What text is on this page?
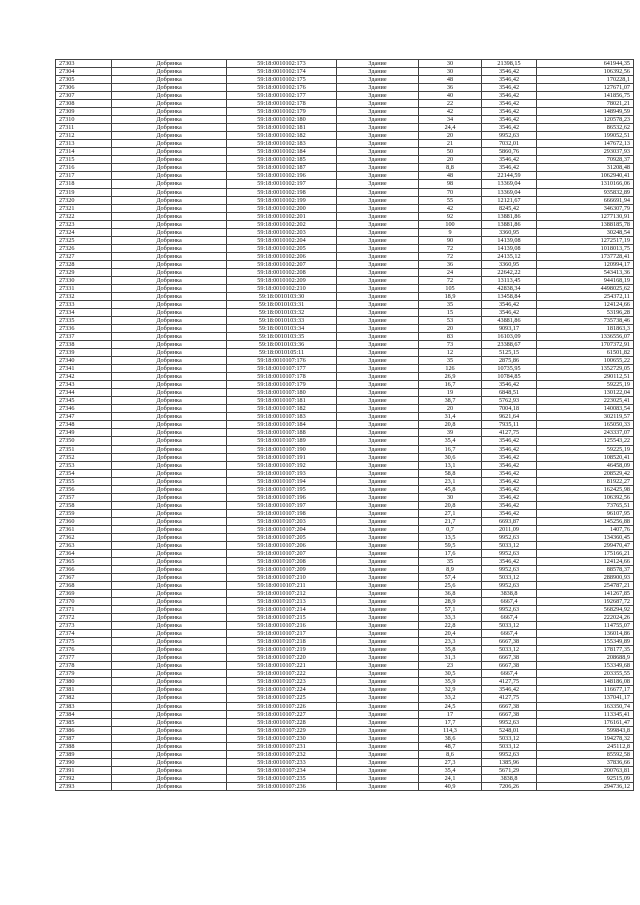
27303	Добрянка	59:18:0010102:173	Здание	30	21398,15	641944,35
27304	Добрянка	59:18:0010102:174	Здание	30	3546,42	106392,56
27305	Добрянка	59:18:0010102:175	Здание	48	3546,42	170228,1
27306	Добрянка	59:18:0010102:176	Здание	36	3546,42	127671,07
27307	Добрянка	59:18:0010102:177	Здание	40	3546,42	141856,75
27308	Добрянка	59:18:0010102:178	Здание	22	3546,42	78021,21
27309	Добрянка	59:18:0010102:179	Здание	42	3546,42	148949,59
27310	Добрянка	59:18:0010102:180	Здание	34	3546,42	120578,23
27311	Добрянка	59:18:0010102:181	Здание	24,4	3546,42	86532,62
27312	Добрянка	59:18:0010102:182	Здание	20	9952,63	199052,51
27313	Добрянка	59:18:0010102:183	Здание	21	7032,01	147672,13
27314	Добрянка	59:18:0010102:184	Здание	50	5860,76	293037,93
27315	Добрянка	59:18:0010102:185	Здание	20	3546,42	70928,37
27316	Добрянка	59:18:0010102:187	Здание	8,8	3546,42	31208,48
27317	Добрянка	59:18:0010102:196	Здание	48	22144,59	1062940,41
27318	Добрянка	59:18:0010102:197	Здание	98	13369,04	1310166,06
27319	Добрянка	59:18:0010102:198	Здание	70	13369,04	935832,89
27320	Добрянка	59:18:0010102:199	Здание	55	12121,67	666691,94
27321	Добрянка	59:18:0010102:200	Здание	42	8245,42	346307,79
27322	Добрянка	59:18:0010102:201	Здание	92	13881,86	1277130,91
27323	Добрянка	59:18:0010102:202	Здание	100	13881,86	1388185,78
27324	Добрянка	59:18:0010102:203	Здание	9	3360,95	30248,54
27325	Добрянка	59:18:0010102:204	Здание	90	14139,08	1272517,19
27326	Добрянка	59:18:0010102:205	Здание	72	14139,08	1018013,75
27327	Добрянка	59:18:0010102:206	Здание	72	24135,12	1737728,41
27328	Добрянка	59:18:0010102:207	Здание	36	3360,95	120994,17
27329	Добрянка	59:18:0010102:208	Здание	24	22642,22	543413,36
27330	Добрянка	59:18:0010102:209	Здание	72	13113,45	944168,19
27331	Добрянка	59:18:0010102:210	Здание	105	42838,34	4498025,62
27332	Добрянка	59:18:0010103:30	Здание	18,9	13458,84	254372,11
27333	Добрянка	59:18:0010103:31	Здание	35	3546,42	124124,66
27334	Добрянка	59:18:0010103:32	Здание	15	3546,42	53196,28
27335	Добрянка	59:18:0010103:33	Здание	53	43881,86	735738,46
27336	Добрянка	59:18:0010103:34	Здание	20	9093,17	181863,3
27337	Добрянка	59:18:0010103:35	Здание	83	16103,09	1336556,07
27338	Добрянка	59:18:0010103:36	Здание	73	23388,67	1707372,91
27339	Добрянка	59:18:0010105:11	Здание	12	5125,15	61501,82
27340	Добрянка	59:18:0010107:176	Здание	35	2875,86	100655,22
27341	Добрянка	59:18:0010107:177	Здание	126	10735,95	1352729,05
27342	Добрянка	59:18:0010107:178	Здание	26,9	10784,85	290112,51
27343	Добрянка	59:18:0010107:179	Здание	16,7	3546,42	59225,19
27344	Добрянка	59:18:0010107:180	Здание	19	6848,51	130122,04
27345	Добрянка	59:18:0010107:181	Здание	38,7	5762,93	223025,41
27346	Добрянка	59:18:0010107:182	Здание	20	7004,18	140083,54
27347	Добрянка	59:18:0010107:183	Здание	31,4	9621,64	302119,57
27348	Добрянка	59:18:0010107:184	Здание	20,8	7935,11	165050,33
27349	Добрянка	59:18:0010107:188	Здание	39	4127,75	243337,07
27350	Добрянка	59:18:0010107:189	Здание	35,4	3546,42	125543,22
27351	Добрянка	59:18:0010107:190	Здание	16,7	3546,42	59225,19
27352	Добрянка	59:18:0010107:191	Здание	30,6	3546,42	108520,41
27353	Добрянка	59:18:0010107:192	Здание	13,1	3546,42	46458,09
27354	Добрянка	59:18:0010107:193	Здание	58,8	3546,42	208529,42
27355	Добрянка	59:18:0010107:194	Здание	23,1	3546,42	81922,27
27356	Добрянка	59:18:0010107:195	Здание	45,8	3546,42	162425,98
27357	Добрянка	59:18:0010107:196	Здание	30	3546,42	106392,56
27358	Добрянка	59:18:0010107:197	Здание	20,8	3546,42	73765,51
27359	Добрянка	59:18:0010107:198	Здание	27,1	3546,42	96107,95
27360	Добрянка	59:18:0010107:203	Здание	21,7	6693,87	145256,88
27361	Добрянка	59:18:0010107:204	Здание	0,7	2011,09	1407,76
27362	Добрянка	59:18:0010107:205	Здание	13,5	9952,63	134360,45
27363	Добрянка	59:18:0010107:206	Здание	59,5	5033,12	299470,47
27364	Добрянка	59:18:0010107:207	Здание	17,6	9952,63	175166,21
27365	Добрянка	59:18:0010107:208	Здание	35	3546,42	124124,66
27366	Добрянка	59:18:0010107:209	Здание	8,9	9952,63	88578,37
27367	Добрянка	59:18:0010107:210	Здание	57,4	5033,12	288900,93
27368	Добрянка	59:18:0010107:211	Здание	25,6	9952,63	254787,21
27369	Добрянка	59:18:0010107:212	Здание	36,8	3838,8	141267,85
27370	Добрянка	59:18:0010107:213	Здание	28,9	6667,4	192687,72
27371	Добрянка	59:18:0010107:214	Здание	57,1	9952,63	568294,92
27372	Добрянка	59:18:0010107:215	Здание	33,3	6667,4	222024,26
27373	Добрянка	59:18:0010107:216	Здание	22,8	5033,12	114755,07
27374	Добрянка	59:18:0010107:217	Здание	20,4	6667,4	136014,86
27375	Добрянка	59:18:0010107:218	Здание	23,3	6667,38	155349,89
27376	Добрянка	59:18:0010107:219	Здание	35,8	5033,12	178177,35
27377	Добрянка	59:18:0010107:220	Здание	31,3	6667,38	208688,9
27378	Добрянка	59:18:0010107:221	Здание	23	6667,38	153349,68
27379	Добрянка	59:18:0010107:222	Здание	30,5	6667,4	203355,55
27380	Добрянка	59:18:0010107:223	Здание	35,9	4127,75	148186,08
27381	Добрянка	59:18:0010107:224	Здание	32,9	3546,42	116677,17
27382	Добрянка	59:18:0010107:225	Здание	33,2	4127,75	137041,17
27383	Добрянка	59:18:0010107:226	Здание	24,5	6667,38	163350,74
27384	Добрянка	59:18:0010107:227	Здание	17	6667,38	113345,41
27385	Добрянка	59:18:0010107:228	Здание	17,7	9952,63	176161,47
27386	Добрянка	59:18:0010107:229	Здание	114,3	5248,01	599843,8
27387	Добрянка	59:18:0010107:230	Здание	38,6	5033,12	194278,32
27388	Добрянка	59:18:0010107:231	Здание	48,7	5033,12	245112,8
27389	Добрянка	59:18:0010107:232	Здание	8,6	9952,63	85592,58
27390	Добрянка	59:18:0010107:233	Здание	27,3	1385,96	37836,66
27391	Добрянка	59:18:0010107:234	Здание	35,4	5671,29	200763,81
27392	Добрянка	59:18:0010107:235	Здание	24,1	3838,8	92515,09
27393	Добрянка	59:18:0010107:236	Здание	40,9	7206,26	294736,12
